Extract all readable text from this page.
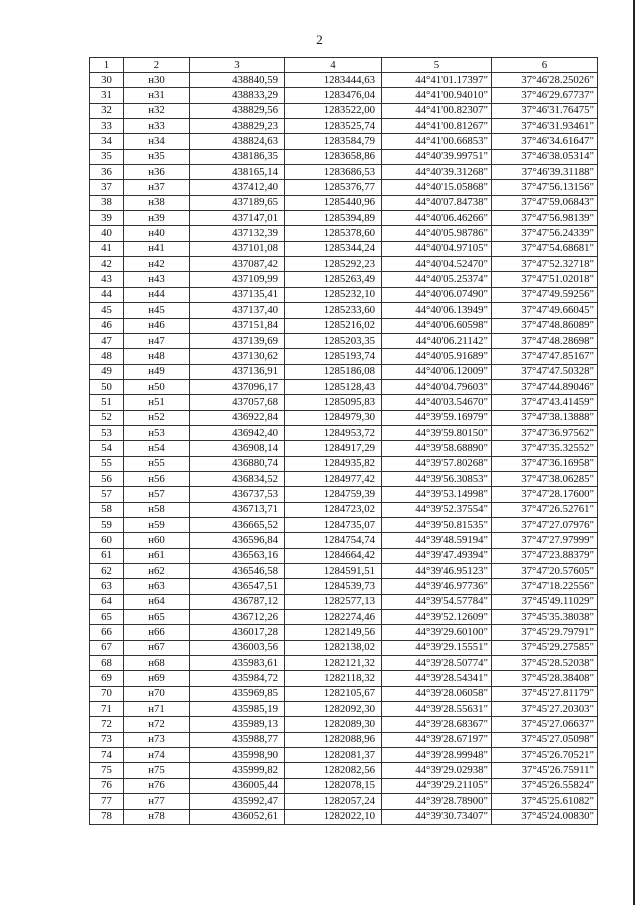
2
1	2	3	4	5	6
30	н30	438840,59	1283444,63	44°41'01.17397"	37°46'28.25026"
31	н31	438833,29	1283476,04	44°41'00.94010"	37°46'29.67737"
32	н32	438829,56	1283522,00	44°41'00.82307"	37°46'31.76475"
33	н33	438829,23	1283525,74	44°41'00.81267"	37°46'31.93461"
34	н34	438824,63	1283584,79	44°41'00.66853"	37°46'34.61647"
35	н35	438186,35	1283658,86	44°40'39.99751"	37°46'38.05314"
36	н36	438165,14	1283686,53	44°40'39.31268"	37°46'39.31188"
37	н37	437412,40	1285376,77	44°40'15.05868"	37°47'56.13156"
38	н38	437189,65	1285440,96	44°40'07.84738"	37°47'59.06843"
39	н39	437147,01	1285394,89	44°40'06.46266"	37°47'56.98139"
40	н40	437132,39	1285378,60	44°40'05.98786"	37°47'56.24339"
41	н41	437101,08	1285344,24	44°40'04.97105"	37°47'54.68681"
42	н42	437087,42	1285292,23	44°40'04.52470"	37°47'52.32718"
43	н43	437109,99	1285263,49	44°40'05.25374"	37°47'51.02018"
44	н44	437135,41	1285232,10	44°40'06.07490"	37°47'49.59256"
45	н45	437137,40	1285233,60	44°40'06.13949"	37°47'49.66045"
46	н46	437151,84	1285216,02	44°40'06.60598"	37°47'48.86089"
47	н47	437139,69	1285203,35	44°40'06.21142"	37°47'48.28698"
48	н48	437130,62	1285193,74	44°40'05.91689"	37°47'47.85167"
49	н49	437136,91	1285186,08	44°40'06.12009"	37°47'47.50328"
50	н50	437096,17	1285128,43	44°40'04.79603"	37°47'44.89046"
51	н51	437057,68	1285095,83	44°40'03.54670"	37°47'43.41459"
52	н52	436922,84	1284979,30	44°39'59.16979"	37°47'38.13888"
53	н53	436942,40	1284953,72	44°39'59.80150"	37°47'36.97562"
54	н54	436908,14	1284917,29	44°39'58.68890"	37°47'35.32552"
55	н55	436880,74	1284935,82	44°39'57.80268"	37°47'36.16958"
56	н56	436834,52	1284977,42	44°39'56.30853"	37°47'38.06285"
57	н57	436737,53	1284759,39	44°39'53.14998"	37°47'28.17600"
58	н58	436713,71	1284723,02	44°39'52.37554"	37°47'26.52761"
59	н59	436665,52	1284735,07	44°39'50.81535"	37°47'27.07976"
60	н60	436596,84	1284754,74	44°39'48.59194"	37°47'27.97999"
61	н61	436563,16	1284664,42	44°39'47.49394"	37°47'23.88379"
62	н62	436546,58	1284591,51	44°39'46.95123"	37°47'20.57605"
63	н63	436547,51	1284539,73	44°39'46.97736"	37°47'18.22556"
64	н64	436787,12	1282577,13	44°39'54.57784"	37°45'49.11029"
65	н65	436712,26	1282274,46	44°39'52.12609"	37°45'35.38038"
66	н66	436017,28	1282149,56	44°39'29.60100"	37°45'29.79791"
67	н67	436003,56	1282138,02	44°39'29.15551"	37°45'29.27585"
68	н68	435983,61	1282121,32	44°39'28.50774"	37°45'28.52038"
69	н69	435984,72	1282118,32	44°39'28.54341"	37°45'28.38408"
70	н70	435969,85	1282105,67	44°39'28.06058"	37°45'27.81179"
71	н71	435985,19	1282092,30	44°39'28.55631"	37°45'27.20303"
72	н72	435989,13	1282089,30	44°39'28.68367"	37°45'27.06637"
73	н73	435988,77	1282088,96	44°39'28.67197"	37°45'27.05098"
74	н74	435998,90	1282081,37	44°39'28.99948"	37°45'26.70521"
75	н75	435999,82	1282082,56	44°39'29.02938"	37°45'26.75911"
76	н76	436005,44	1282078,15	44°39'29.21105"	37°45'26.55824"
77	н77	435992,47	1282057,24	44°39'28.78900"	37°45'25.61082"
78	н78	436052,61	1282022,10	44°39'30.73407"	37°45'24.00830"
